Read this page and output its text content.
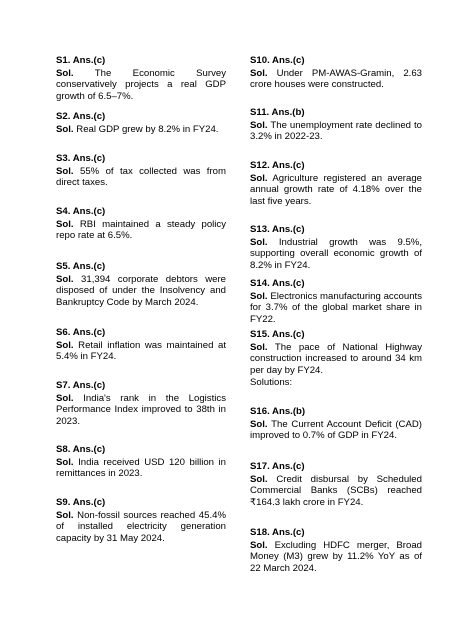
S1. Ans.(c)

Sol. The Economic Survey conservatively projects a real GDP growth of 6.5–7%.

S2. Ans.(c)

Sol. Real GDP grew by 8.2% in FY24.

S3. Ans.(c)

Sol. 55% of tax collected was from direct taxes.

S4. Ans.(c)

Sol. RBI maintained a steady policy repo rate at 6.5%.

S5. Ans.(c)

Sol. 31,394 corporate debtors were disposed of under the Insolvency and Bankruptcy Code by March 2024.

S6. Ans.(c)

Sol. Retail inflation was maintained at 5.4% in FY24.

S7. Ans.(c)

Sol. India's rank in the Logistics Performance Index improved to 38th in 2023.

S8. Ans.(c)

Sol. India received USD 120 billion in remittances in 2023.

S9. Ans.(c)

Sol. Non-fossil sources reached 45.4% of installed electricity generation capacity by 31 May 2024.

S10. Ans.(c)

Sol. Under PM-AWAS-Gramin, 2.63 crore houses were constructed.

S11. Ans.(b)

Sol. The unemployment rate declined to 3.2% in 2022-23.

S12. Ans.(c)

Sol. Agriculture registered an average annual growth rate of 4.18% over the last five years.

S13. Ans.(c)

Sol. Industrial growth was 9.5%, supporting overall economic growth of 8.2% in FY24.

S14. Ans.(c)

Sol. Electronics manufacturing accounts for 3.7% of the global market share in FY22.

S15. Ans.(c)

Sol. The pace of National Highway construction increased to around 34 km per day by FY24.

Solutions:

S16. Ans.(b)

Sol. The Current Account Deficit (CAD) improved to 0.7% of GDP in FY24.

S17. Ans.(c)

Sol. Credit disbursal by Scheduled Commercial Banks (SCBs) reached ₹164.3 lakh crore in FY24.

S18. Ans.(c)

Sol. Excluding HDFC merger, Broad Money (M3) grew by 11.2% YoY as of 22 March 2024.
